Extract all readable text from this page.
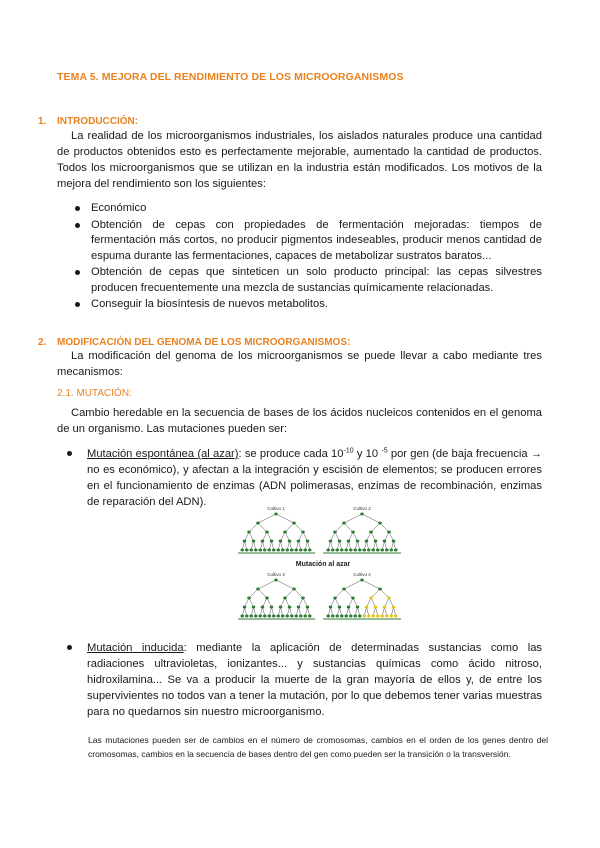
TEMA 5. MEJORA DEL RENDIMIENTO DE LOS MICROORGANISMOS
1. INTRODUCCIÓN:
La realidad de los microorganismos industriales, los aislados naturales produce una cantidad de productos obtenidos esto es perfectamente mejorable, aumentado la cantidad de productos. Todos los microorganismos que se utilizan en la industria están modificados. Los motivos de la mejora del rendimiento son los siguientes:
Económico
Obtención de cepas con propiedades de fermentación mejoradas: tiempos de fermentación más cortos, no producir pigmentos indeseables, producir menos cantidad de espuma durante las fermentaciones, capaces de metabolizar sustratos baratos...
Obtención de cepas que sinteticen un solo producto principal: las cepas silvestres producen frecuentemente una mezcla de sustancias químicamente relacionadas.
Conseguir la biosíntesis de nuevos metabolitos.
2. MODIFICACIÓN DEL GENOMA DE LOS MICROORGANISMOS:
La modificación del genoma de los microorganismos se puede llevar a cabo mediante tres mecanismos:
2.1. MUTACIÓN:
Cambio heredable en la secuencia de bases de los ácidos nucleicos contenidos en el genoma de un organismo. Las mutaciones pueden ser:
Mutación espontánea (al azar): se produce cada $10^{-10}$ y 10 $^{-5}$ por gen (de baja frecuencia → no es económico), y afectan a la integración y escisión de elementos; se producen errores en el funcionamiento de enzimas (ADN polimerasas, enzimas de recombinación, enzimas de reparación del ADN).
Cultivo 1	Cultivo 2
Mutación al azar
Cultivo 3	Cultivo 4
Mutación inducida: mediante la aplicación de determinadas sustancias como las radiaciones ultravioletas, ionizantes... y sustancias químicas como ácido nitroso, hidroxilamina... Se va a producir la muerte de la gran mayoría de ellos y, de entre los supervivientes no todos van a tener la mutación, por lo que debemos tener varias muestras para no quedarnos sin nuestro microorganismo.
Las mutaciones pueden ser de cambios en el número de cromosomas, cambios en el orden de los genes dentro del cromosomas, cambios en la secuencia de bases dentro del gen como pueden ser la transición o la transversión.
